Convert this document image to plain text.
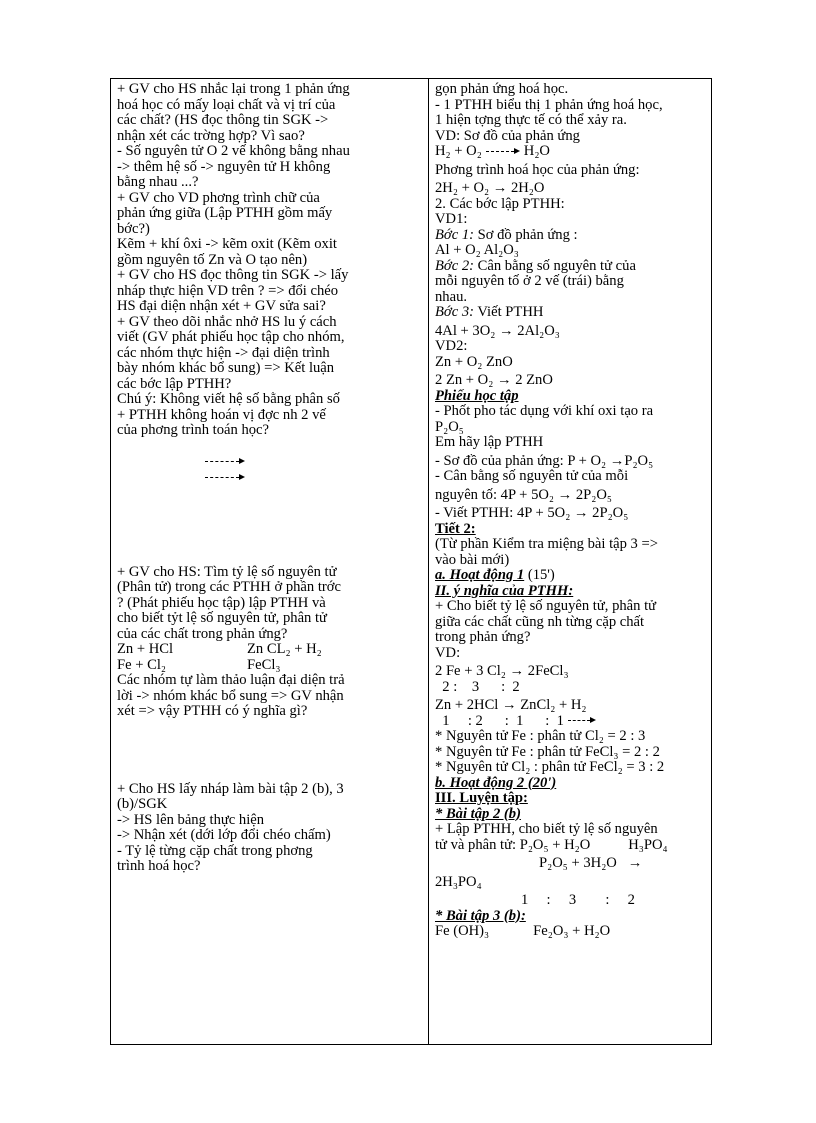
+ GV cho HS nhắc lại trong 1 phản ứng
hoá học có mấy loại chất và vị trí của
các chất? (HS đọc thông tin SGK ->
nhận xét các trờng hợp? Vì sao?
- Số nguyên tử O 2 vế không bằng nhau
-> thêm hệ số -> nguyên tử H không
bằng nhau ...?
+ GV cho VD phơng trình chữ của
phản ứng giữa (Lập PTHH gồm mấy
bớc?)
Kẽm + khí ôxi -> kẽm oxit (Kẽm oxit
gồm nguyên tố Zn và O tạo nên)
+ GV cho HS đọc thông tin SGK -> lấy
nháp thực hiện VD trên ? => đổi chéo
HS đại diện nhận xét + GV sửa sai?
+ GV theo dõi nhắc nhở HS lu ý cách
viết (GV phát phiếu học tập cho nhóm,
các nhóm thực hiện -> đại diện trình
bày nhóm khác bổ sung) => Kết luận
các bớc lập PTHH?
Chú ý: Không viết hệ số bằng phân số
+ PTHH không hoán vị đợc nh 2 vế
của phơng trình toán học?
+ GV cho HS: Tìm tỷ lệ số nguyên tử
(Phân tử) trong các PTHH ở phần trớc
? (Phát phiếu học tập) lập PTHH và
cho biết tỷt lệ số nguyên tử, phân tử
của các chất trong phản ứng?
Zn + HCl	Zn CL₂ + H₂
Fe + Cl₂	FeCl₃
Các nhóm tự làm thảo luận đại diện trả
lời -> nhóm khác bổ sung => GV nhận
xét => vậy PTHH có ý nghĩa gì?
+ Cho HS lấy nháp làm bài tập 2 (b), 3
(b)/SGK
-> HS lên bảng thực hiện
-> Nhận xét (dới lớp đổi chéo chấm)
- Tỷ lệ từng cặp chất trong phơng
trình hoá học?
gọn phản ứng hoá học.
- 1 PTHH biểu thị 1 phản ứng hoá học,
1 hiện tợng thực tế có thể xảy ra.
VD: Sơ đồ của phản ứng
H₂ + O₂	H₂O
Phơng trình hoá học của phản ứng:
2H₂ + O₂ → 2H₂O
2. Các bớc lập PTHH:
VD1:
Bớc 1: Sơ đồ phản ứng :
Al + O₂ Al₂O₃
Bớc 2: Cân bằng số nguyên tử của
mỗi nguyên tố ở 2 vế (trái) bằng
nhau.
Bớc 3: Viết PTHH
4Al + 3O₂ → 2Al₂O₃
VD2:
Zn + O₂ ZnO
2 Zn + O₂ → 2 ZnO
Phiếu học tập
- Phốt pho tác dụng với khí oxi tạo ra
P₂O₅
Em hãy lập PTHH
- Sơ đồ của phản ứng: P + O₂ →P₂O₅
- Cân bằng số nguyên tử của mỗi
nguyên tố: 4P + 5O₂ → 2P₂O₅
- Viết PTHH: 4P + 5O₂ → 2P₂O₅
Tiết 2:
(Từ phần Kiểm tra miệng bài tập 3 =>
vào bài mới)
a. Hoạt động 1 (15')
II. ý nghĩa của PTHH:
+ Cho biết tỷ lệ số nguyên tử, phân tử
giữa các chất cũng nh từng cặp chất
trong phản ứng?
VD:
2 Fe + 3 Cl₂ → 2FeCl₃
2 :    3      :  2
Zn + 2HCl → ZnCl₂ + H₂
1     : 2      :  1      :  1
* Nguyên tử Fe : phân tử Cl₂ = 2 : 3
* Nguyên tử Fe : phân tử FeCl₃ = 2 : 2
* Nguyên tử Cl₂ : phân tử FeCl₂ = 3 : 2
b. Hoạt động 2 (20')
III. Luyện tập:
* Bài tập 2 (b)
+ Lập PTHH, cho biết tỷ lệ số nguyên
tử và phân tử: P₂O₅ + H₂O	H₃PO₄
P₂O₅ + 3H₂O   →
2H₃PO₄
1     :     3        :     2
* Bài tập 3 (b):
Fe (OH)₃	Fe₂O₃ + H₂O
